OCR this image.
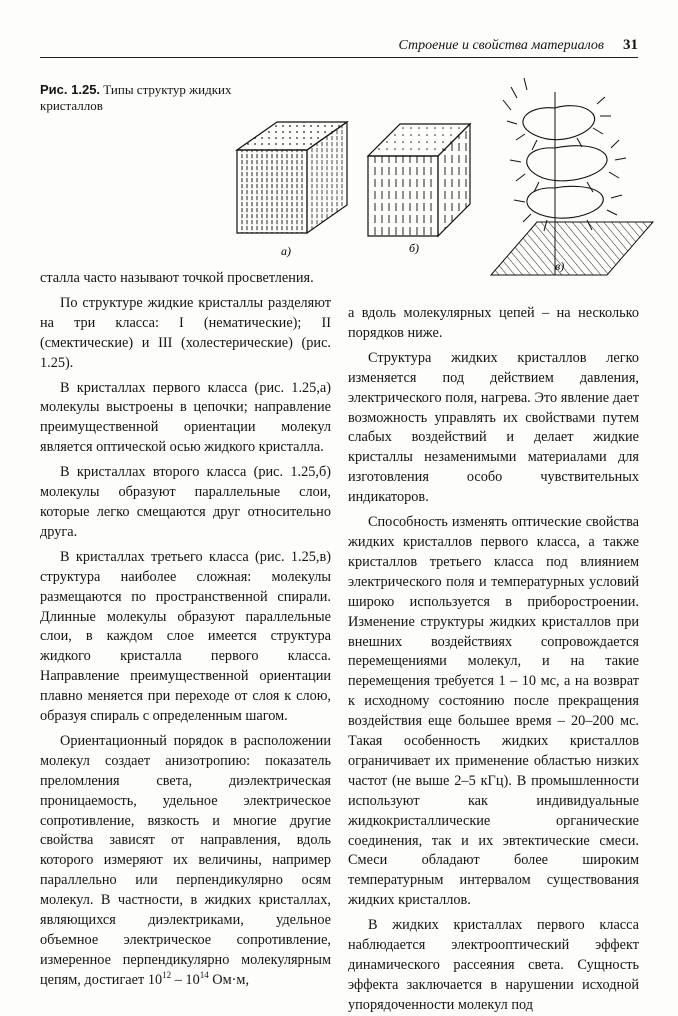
Строение и свойства материалов 31
Рис. 1.25. Типы структур жидких кристаллов
а)	б)
в)

сталла часто называют точкой просветления.

По структуре жидкие кристаллы разделяют на три класса: I (нематические); II (смектические) и III (холестерические) (рис. 1.25).

В кристаллах первого класса (рис. 1.25,а) молекулы выстроены в цепочки; направление преимущественной ориентации молекул является оптической осью жидкого кристалла.

В кристаллах второго класса (рис. 1.25,б) молекулы образуют параллельные слои, которые легко смещаются друг относительно друга.

В кристаллах третьего класса (рис. 1.25,в) структура наиболее сложная: молекулы размещаются по пространственной спирали. Длинные молекулы образуют параллельные слои, в каждом слое имеется структура жидкого кристалла первого класса. Направление преимущественной ориентации плавно меняется при переходе от слоя к слою, образуя спираль с определенным шагом.

Ориентационный порядок в расположении молекул создает анизотропию: показатель преломления света, диэлектрическая проницаемость, удельное электрическое сопротивление, вязкость и многие другие свойства зависят от направления, вдоль которого измеряют их величины, например параллельно или перпендикулярно осям молекул. В частности, в жидких кристаллах, являющихся диэлектриками, удельное объемное электрическое сопротивление, измеренное перпендикулярно молекулярным цепям, достигает $10^{12} - 10^{14}$ Ом·м,

а вдоль молекулярных цепей – на несколько порядков ниже.

Структура жидких кристаллов легко изменяется под действием давления, электрического поля, нагрева. Это явление дает возможность управлять их свойствами путем слабых воздействий и делает жидкие кристаллы незаменимыми материалами для изготовления особо чувствительных индикаторов.

Способность изменять оптические свойства жидких кристаллов первого класса, а также кристаллов третьего класса под влиянием электрического поля и температурных условий широко используется в приборостроении. Изменение структуры жидких кристаллов при внешних воздействиях сопровождается перемещениями молекул, и на такие перемещения требуется 1 – 10 мс, а на возврат к исходному состоянию после прекращения воздействия еще большее время – 20–200 мс. Такая особенность жидких кристаллов ограничивает их применение областью низких частот (не выше 2–5 кГц). В промышленности используют как индивидуальные жидкокристаллические органические соединения, так и их эвтектические смеси. Смеси обладают более широким температурным интервалом существования жидких кристаллов.

В жидких кристаллах первого класса наблюдается электрооптический эффект динамического рассеяния света. Сущность эффекта заключается в нарушении исходной упорядоченности молекул под
